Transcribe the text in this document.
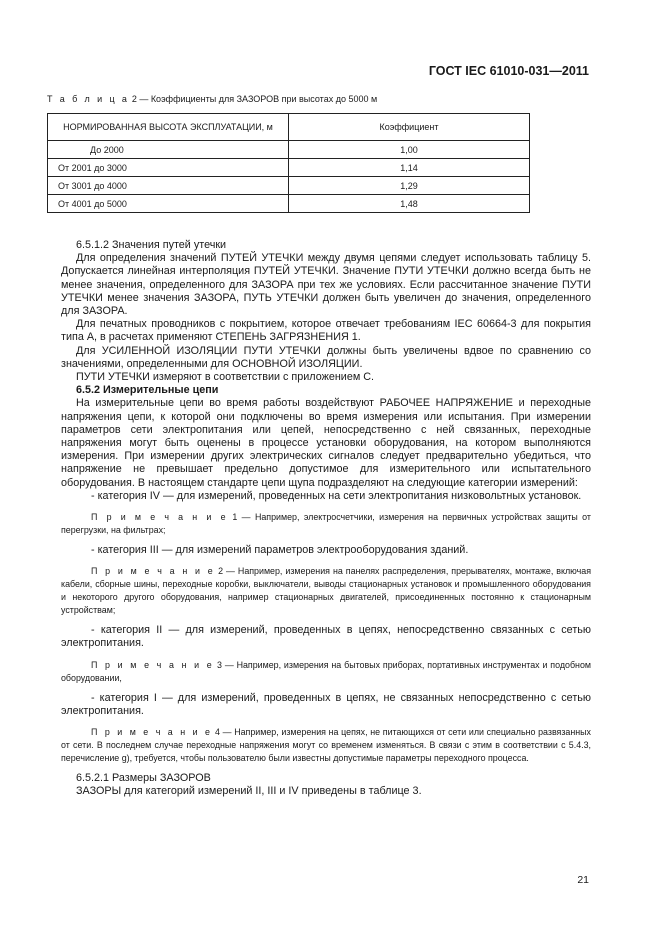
ГОСТ IEC 61010-031—2011
Т а б л и ц а 2 — Коэффициенты для ЗАЗОРОВ при высотах до 5000 м
НОРМИРОВАННАЯ ВЫСОТА ЭКСПЛУАТАЦИИ, м	Коэффициент
До 2000	1,00
От 2001 до 3000	1,14
От 3001 до 4000	1,29
От 4001 до 5000	1,48

6.5.1.2 Значения путей утечки

Для определения значений ПУТЕЙ УТЕЧКИ между двумя цепями следует использовать таблицу 5. Допускается линейная интерполяция ПУТЕЙ УТЕЧКИ. Значение ПУТИ УТЕЧКИ должно всегда быть не менее значения, определенного для ЗАЗОРА при тех же условиях. Если рассчитанное значение ПУТИ УТЕЧКИ менее значения ЗАЗОРА, ПУТЬ УТЕЧКИ должен быть увеличен до значения, определенного для ЗАЗОРА.

Для печатных проводников с покрытием, которое отвечает требованиям IEC 60664-3 для покрытия типа А, в расчетах применяют СТЕПЕНЬ ЗАГРЯЗНЕНИЯ 1.

Для УСИЛЕННОЙ ИЗОЛЯЦИИ ПУТИ УТЕЧКИ должны быть увеличены вдвое по сравнению со значениями, определенными для ОСНОВНОЙ ИЗОЛЯЦИИ.

ПУТИ УТЕЧКИ измеряют в соответствии с приложением С.

6.5.2 Измерительные цепи

На измерительные цепи во время работы воздействуют РАБОЧЕЕ НАПРЯЖЕНИЕ и переходные напряжения цепи, к которой они подключены во время измерения или испытания. При измерении параметров сети электропитания или цепей, непосредственно с ней связанных, переходные напряжения могут быть оценены в процессе установки оборудования, на котором выполняются измерения. При измерении других электрических сигналов следует предварительно убедиться, что напряжение не превышает предельно допустимое для измерительного или испытательного оборудования. В настоящем стандарте цепи щупа подразделяют на следующие категории измерений:

- категория IV — для измерений, проведенных на сети электропитания низковольтных установок.

П р и м е ч а н и е 1 — Например, электросчетчики, измерения на первичных устройствах защиты от перегрузки, на фильтрах;

- категория III — для измерений параметров электрооборудования зданий.

П р и м е ч а н и е 2 — Например, измерения на панелях распределения, прерывателях, монтаже, включая кабели, сборные шины, переходные коробки, выключатели, выводы стационарных установок и промышленного оборудования и некоторого другого оборудования, например стационарных двигателей, присоединенных постоянно к стационарным устройствам;

- категория II — для измерений, проведенных в цепях, непосредственно связанных с сетью электропитания.

П р и м е ч а н и е 3 — Например, измерения на бытовых приборах, портативных инструментах и подобном оборудовании,

- категория I — для измерений, проведенных в цепях, не связанных непосредственно с сетью электропитания.

П р и м е ч а н и е 4 — Например, измерения на цепях, не питающихся от сети или специально развязанных от сети. В последнем случае переходные напряжения могут со временем изменяться. В связи с этим в соответствии с 5.4.3, перечисление g), требуется, чтобы пользователю были известны допустимые параметры переходного процесса.

6.5.2.1 Размеры ЗАЗОРОВ

ЗАЗОРЫ для категорий измерений II, III и IV приведены в таблице 3.

21
